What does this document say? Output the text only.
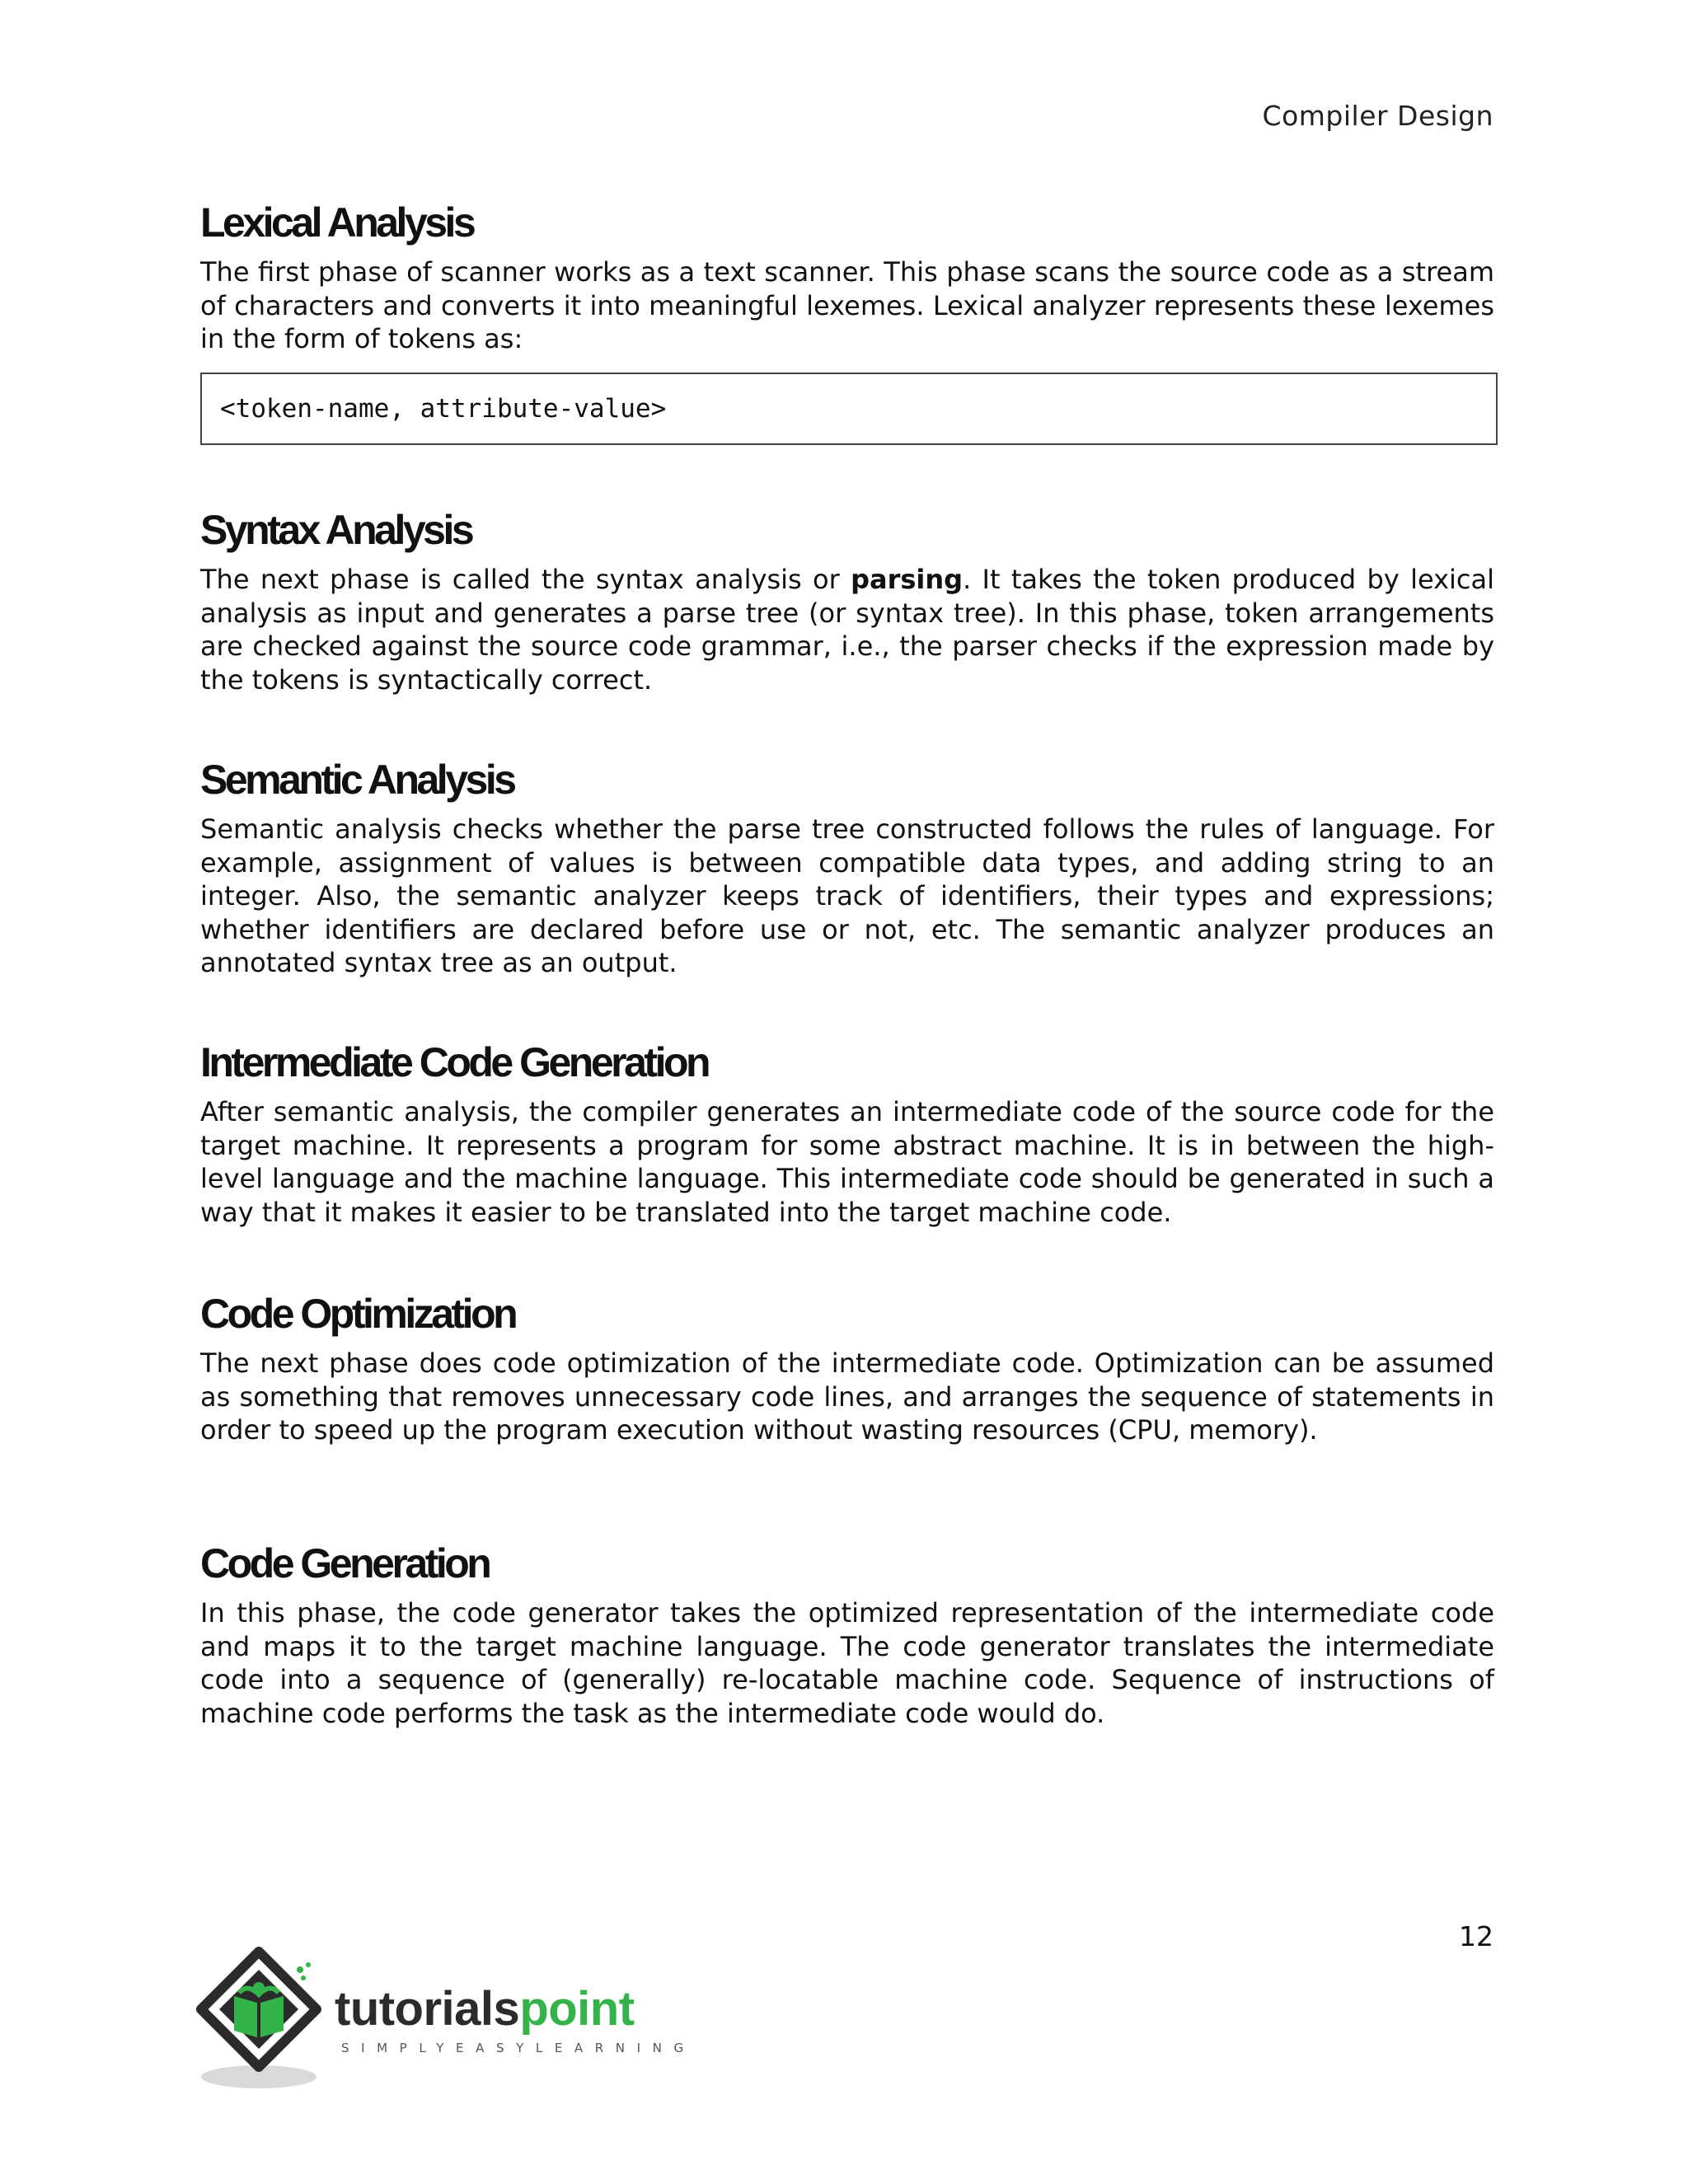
Compiler Design
Lexical Analysis

The first phase of scanner works as a text scanner. This phase scans the source code as a stream of characters and converts it into meaningful lexemes. Lexical analyzer represents these lexemes in the form of tokens as:

<token-name, attribute-value>
Syntax Analysis

The next phase is called the syntax analysis or parsing. It takes the token produced by lexical analysis as input and generates a parse tree (or syntax tree). In this phase, token arrangements are checked against the source code grammar, i.e., the parser checks if the expression made by the tokens is syntactically correct.

Semantic Analysis

Semantic analysis checks whether the parse tree constructed follows the rules of language. For example, assignment of values is between compatible data types, and adding string to an integer. Also, the semantic analyzer keeps track of identifiers, their types and expressions; whether identifiers are declared before use or not, etc. The semantic analyzer produces an annotated syntax tree as an output.

Intermediate Code Generation

After semantic analysis, the compiler generates an intermediate code of the source code for the target machine. It represents a program for some abstract machine. It is in between the high-level language and the machine language. This intermediate code should be generated in such a way that it makes it easier to be translated into the target machine code.

Code Optimization

The next phase does code optimization of the intermediate code. Optimization can be assumed as something that removes unnecessary code lines, and arranges the sequence of statements in order to speed up the program execution without wasting resources (CPU, memory).

Code Generation

In this phase, the code generator takes the optimized representation of the intermediate code and maps it to the target machine language. The code generator translates the intermediate code into a sequence of (generally) re-locatable machine code. Sequence of instructions of machine code performs the task as the intermediate code would do.

12
tutorialspoint
SIMPLYEASYLEARNING
